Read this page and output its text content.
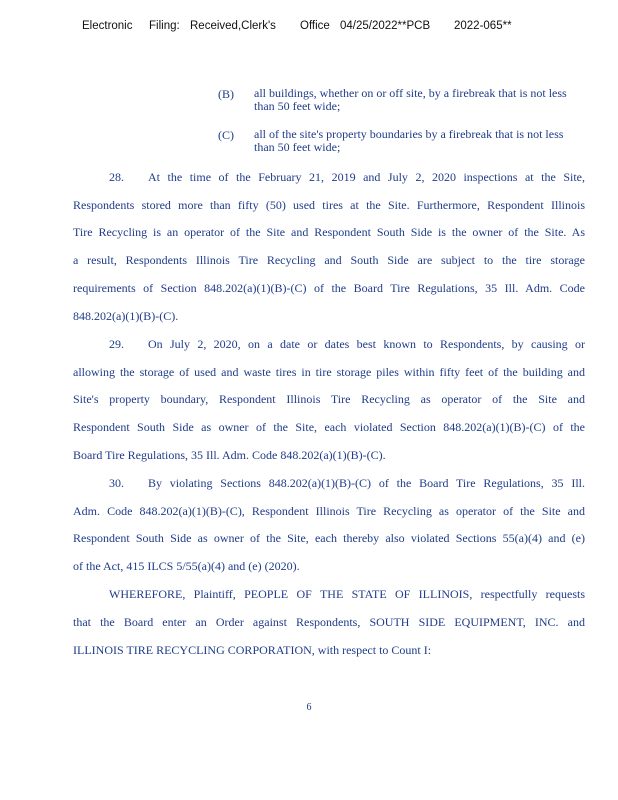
Electronic Filing: Received,Clerk's Office 04/25/2022**PCB 2022-065**
(B) all buildings, whether on or off site, by a firebreak that is not less than 50 feet wide;
(C) all of the site's property boundaries by a firebreak that is not less than 50 feet wide;
28.  At the time of the February 21, 2019 and July 2, 2020 inspections at the Site,
Respondents stored more than fifty (50) used tires at the Site. Furthermore, Respondent Illinois
Tire Recycling is an operator of the Site and Respondent South Side is the owner of the Site. As
a result, Respondents Illinois Tire Recycling and South Side are subject to the tire storage
requirements of Section 848.202(a)(1)(B)-(C) of the Board Tire Regulations, 35 Ill. Adm. Code
848.202(a)(1)(B)-(C).
29.  On July 2, 2020, on a date or dates best known to Respondents, by causing or
allowing the storage of used and waste tires in tire storage piles within fifty feet of the building and
Site's property boundary, Respondent Illinois Tire Recycling as operator of the Site and
Respondent South Side as owner of the Site, each violated Section 848.202(a)(1)(B)-(C) of the
Board Tire Regulations, 35 Ill. Adm. Code 848.202(a)(1)(B)-(C).
30.  By violating Sections 848.202(a)(1)(B)-(C) of the Board Tire Regulations, 35 Ill.
Adm. Code 848.202(a)(1)(B)-(C), Respondent Illinois Tire Recycling as operator of the Site and
Respondent South Side as owner of the Site, each thereby also violated Sections 55(a)(4) and (e)
of the Act, 415 ILCS 5/55(a)(4) and (e) (2020).
WHEREFORE, Plaintiff, PEOPLE OF THE STATE OF ILLINOIS, respectfully requests
that the Board enter an Order against Respondents, SOUTH SIDE EQUIPMENT, INC. and
ILLINOIS TIRE RECYCLING CORPORATION, with respect to Count I:
6
